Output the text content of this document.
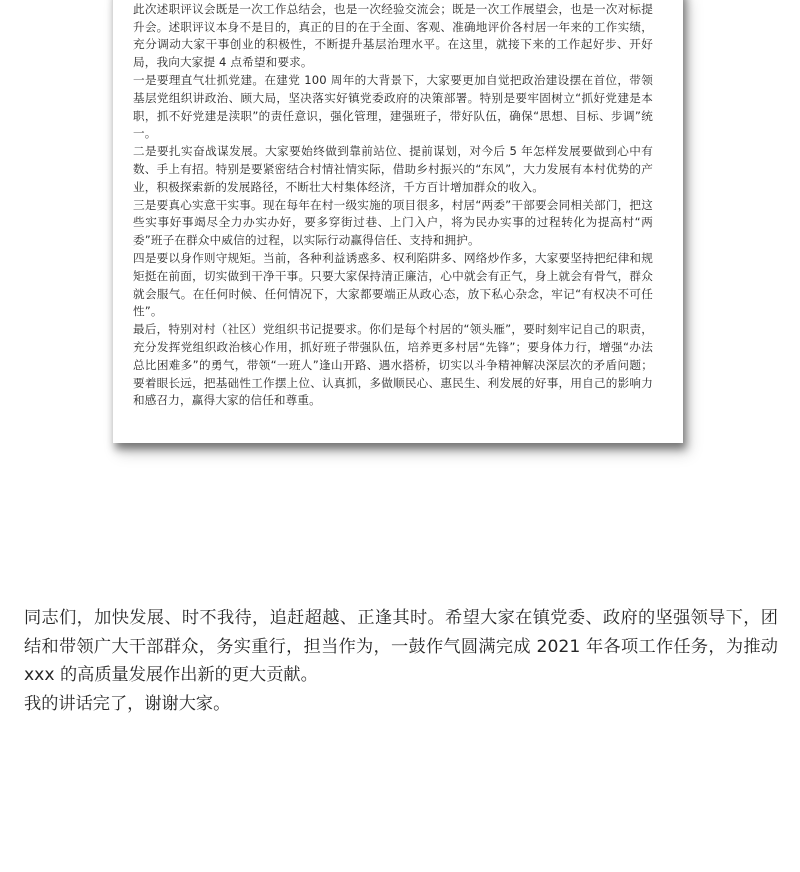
此次述职评议会既是一次工作总结会，也是一次经验交流会；既是一次工作展望会，也是一次对标提升会。述职评议本身不是目的，真正的目的在于全面、客观、准确地评价各村居一年来的工作实绩，充分调动大家干事创业的积极性，不断提升基层治理水平。在这里，就接下来的工作起好步、开好局，我向大家提 4 点希望和要求。

一是要理直气壮抓党建。在建党 100 周年的大背景下，大家要更加自觉把政治建设摆在首位，带领基层党组织讲政治、顾大局，坚决落实好镇党委政府的决策部署。特别是要牢固树立“抓好党建是本职，抓不好党建是渎职”的责任意识，强化管理，建强班子，带好队伍，确保“思想、目标、步调”统一。

二是要扎实奋战谋发展。大家要始终做到靠前站位、提前谋划，对今后 5 年怎样发展要做到心中有数、手上有招。特别是要紧密结合村情社情实际，借助乡村振兴的“东风”，大力发展有本村优势的产业，积极探索新的发展路径，不断壮大村集体经济，千方百计增加群众的收入。

三是要真心实意干实事。现在每年在村一级实施的项目很多，村居“两委”干部要会同相关部门，把这些实事好事竭尽全力办实办好，要多穿街过巷、上门入户，将为民办实事的过程转化为提高村“两委”班子在群众中威信的过程，以实际行动赢得信任、支持和拥护。

四是要以身作则守规矩。当前，各种利益诱惑多、权利陷阱多、网络炒作多，大家要坚持把纪律和规矩挺在前面，切实做到干净干事。只要大家保持清正廉洁，心中就会有正气，身上就会有骨气，群众就会服气。在任何时候、任何情况下，大家都要端正从政心态，放下私心杂念，牢记“有权决不可任性”。

最后，特别对村（社区）党组织书记提要求。你们是每个村居的“领头雁”，要时刻牢记自己的职责，充分发挥党组织政治核心作用，抓好班子带强队伍，培养更多村居“先锋”；要身体力行，增强“办法总比困难多”的勇气，带领“一班人”逢山开路、遇水搭桥，切实以斗争精神解决深层次的矛盾问题；要着眼长远，把基础性工作摆上位、认真抓，多做顺民心、惠民生、利发展的好事，用自己的影响力和感召力，赢得大家的信任和尊重。

同志们，加快发展、时不我待，追赶超越、正逢其时。希望大家在镇党委、政府的坚强领导下，团结和带领广大干部群众，务实重行，担当作为，一鼓作气圆满完成 2021 年各项工作任务，为推动 xxx 的高质量发展作出新的更大贡献。

我的讲话完了，谢谢大家。
